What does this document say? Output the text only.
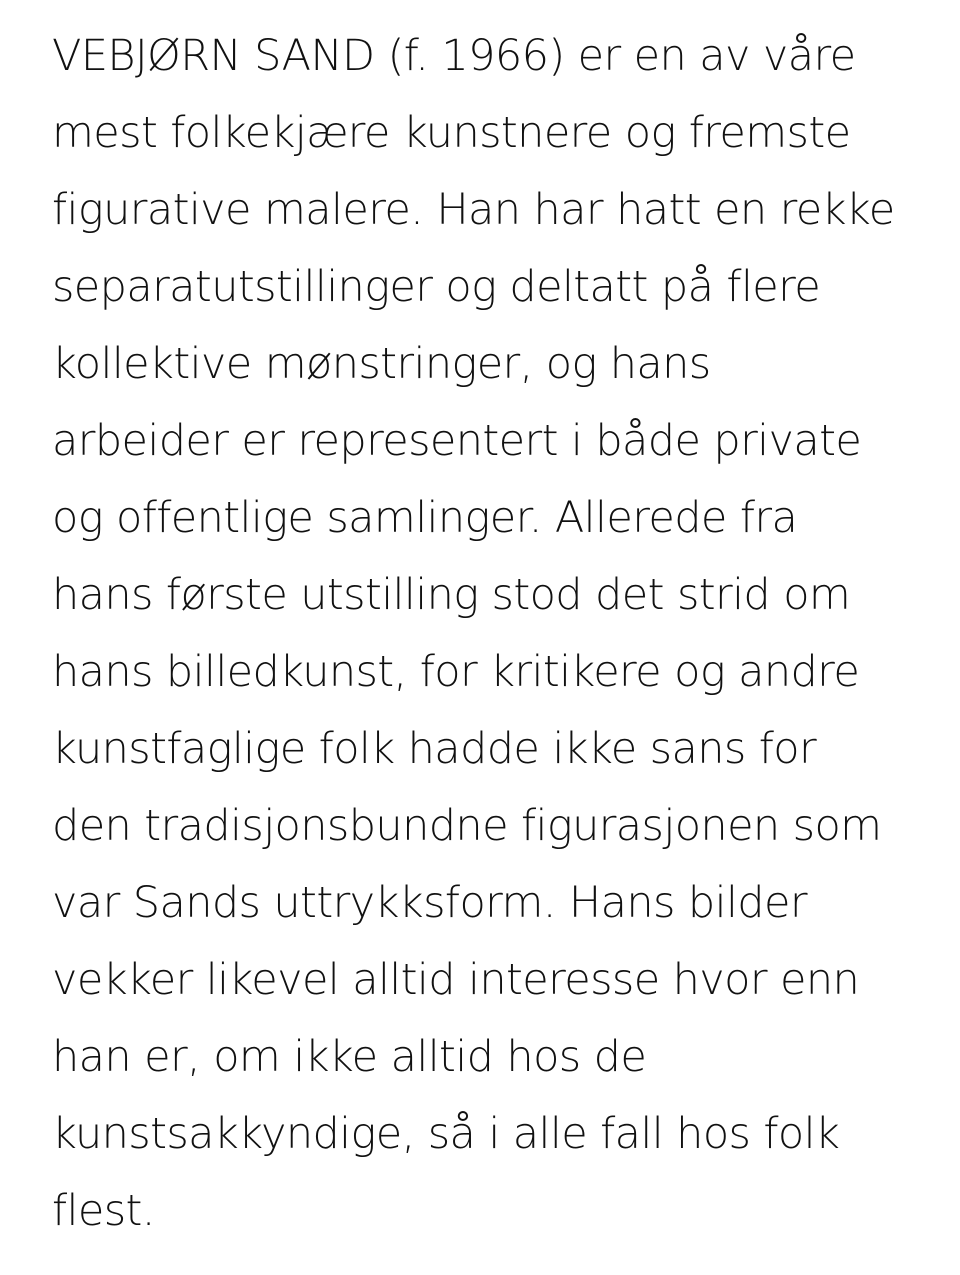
VEBJØRN SAND (f. 1966) er en av våre
mest folkekjære kunstnere og fremste
figurative malere. Han har hatt en rekke
separatutstillinger og deltatt på flere
kollektive mønstringer, og hans
arbeider er representert i både private
og offentlige samlinger. Allerede fra
hans første utstilling stod det strid om
hans billedkunst, for kritikere og andre
kunstfaglige folk hadde ikke sans for
den tradisjonsbundne figurasjonen som
var Sands uttrykksform. Hans bilder
vekker likevel alltid interesse hvor enn
han er, om ikke alltid hos de
kunstsakkyndige, så i alle fall hos folk
flest.
